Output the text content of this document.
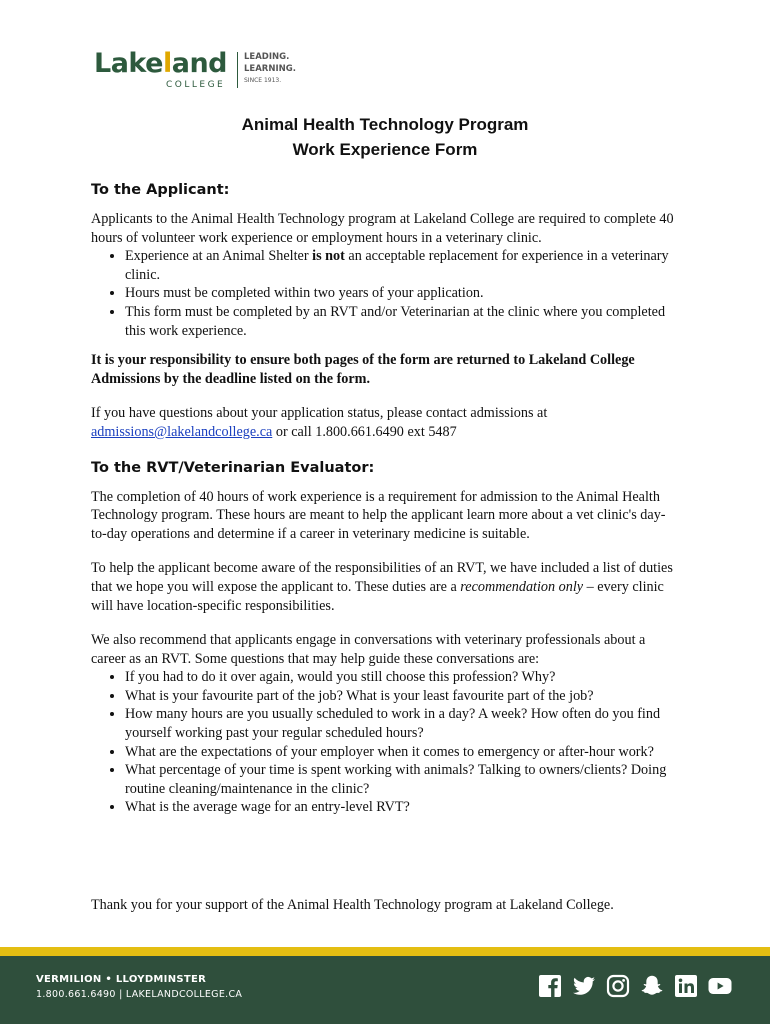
Lakeland
COLLEGE
LEADING.
LEARNING.
SINCE 1913.

Animal Health Technology Program

Work Experience Form

To the Applicant:

Applicants to the Animal Health Technology program at Lakeland College are required to complete 40 hours of volunteer work experience or employment hours in a veterinary clinic.

• Experience at an Animal Shelter is not an acceptable replacement for experience in a veterinary clinic.
• Hours must be completed within two years of your application.
• This form must be completed by an RVT and/or Veterinarian at the clinic where you completed this work experience.

It is your responsibility to ensure both pages of the form are returned to Lakeland College Admissions by the deadline listed on the form.

If you have questions about your application status, please contact admissions at admissions@lakelandcollege.ca or call 1.800.661.6490 ext 5487

To the RVT/Veterinarian Evaluator:

The completion of 40 hours of work experience is a requirement for admission to the Animal Health Technology program. These hours are meant to help the applicant learn more about a vet clinic's day-to-day operations and determine if a career in veterinary medicine is suitable.

To help the applicant become aware of the responsibilities of an RVT, we have included a list of duties that we hope you will expose the applicant to. These duties are a recommendation only – every clinic will have location-specific responsibilities.

We also recommend that applicants engage in conversations with veterinary professionals about a career as an RVT. Some questions that may help guide these conversations are:

• If you had to do it over again, would you still choose this profession? Why?
• What is your favourite part of the job? What is your least favourite part of the job?
• How many hours are you usually scheduled to work in a day? A week? How often do you find yourself working past your regular scheduled hours?
• What are the expectations of your employer when it comes to emergency or after-hour work?
• What percentage of your time is spent working with animals? Talking to owners/clients? Doing routine cleaning/maintenance in the clinic?
• What is the average wage for an entry-level RVT?

Thank you for your support of the Animal Health Technology program at Lakeland College.

VERMILION • LLOYDMINSTER
1.800.661.6490 | LAKELANDCOLLEGE.CA
